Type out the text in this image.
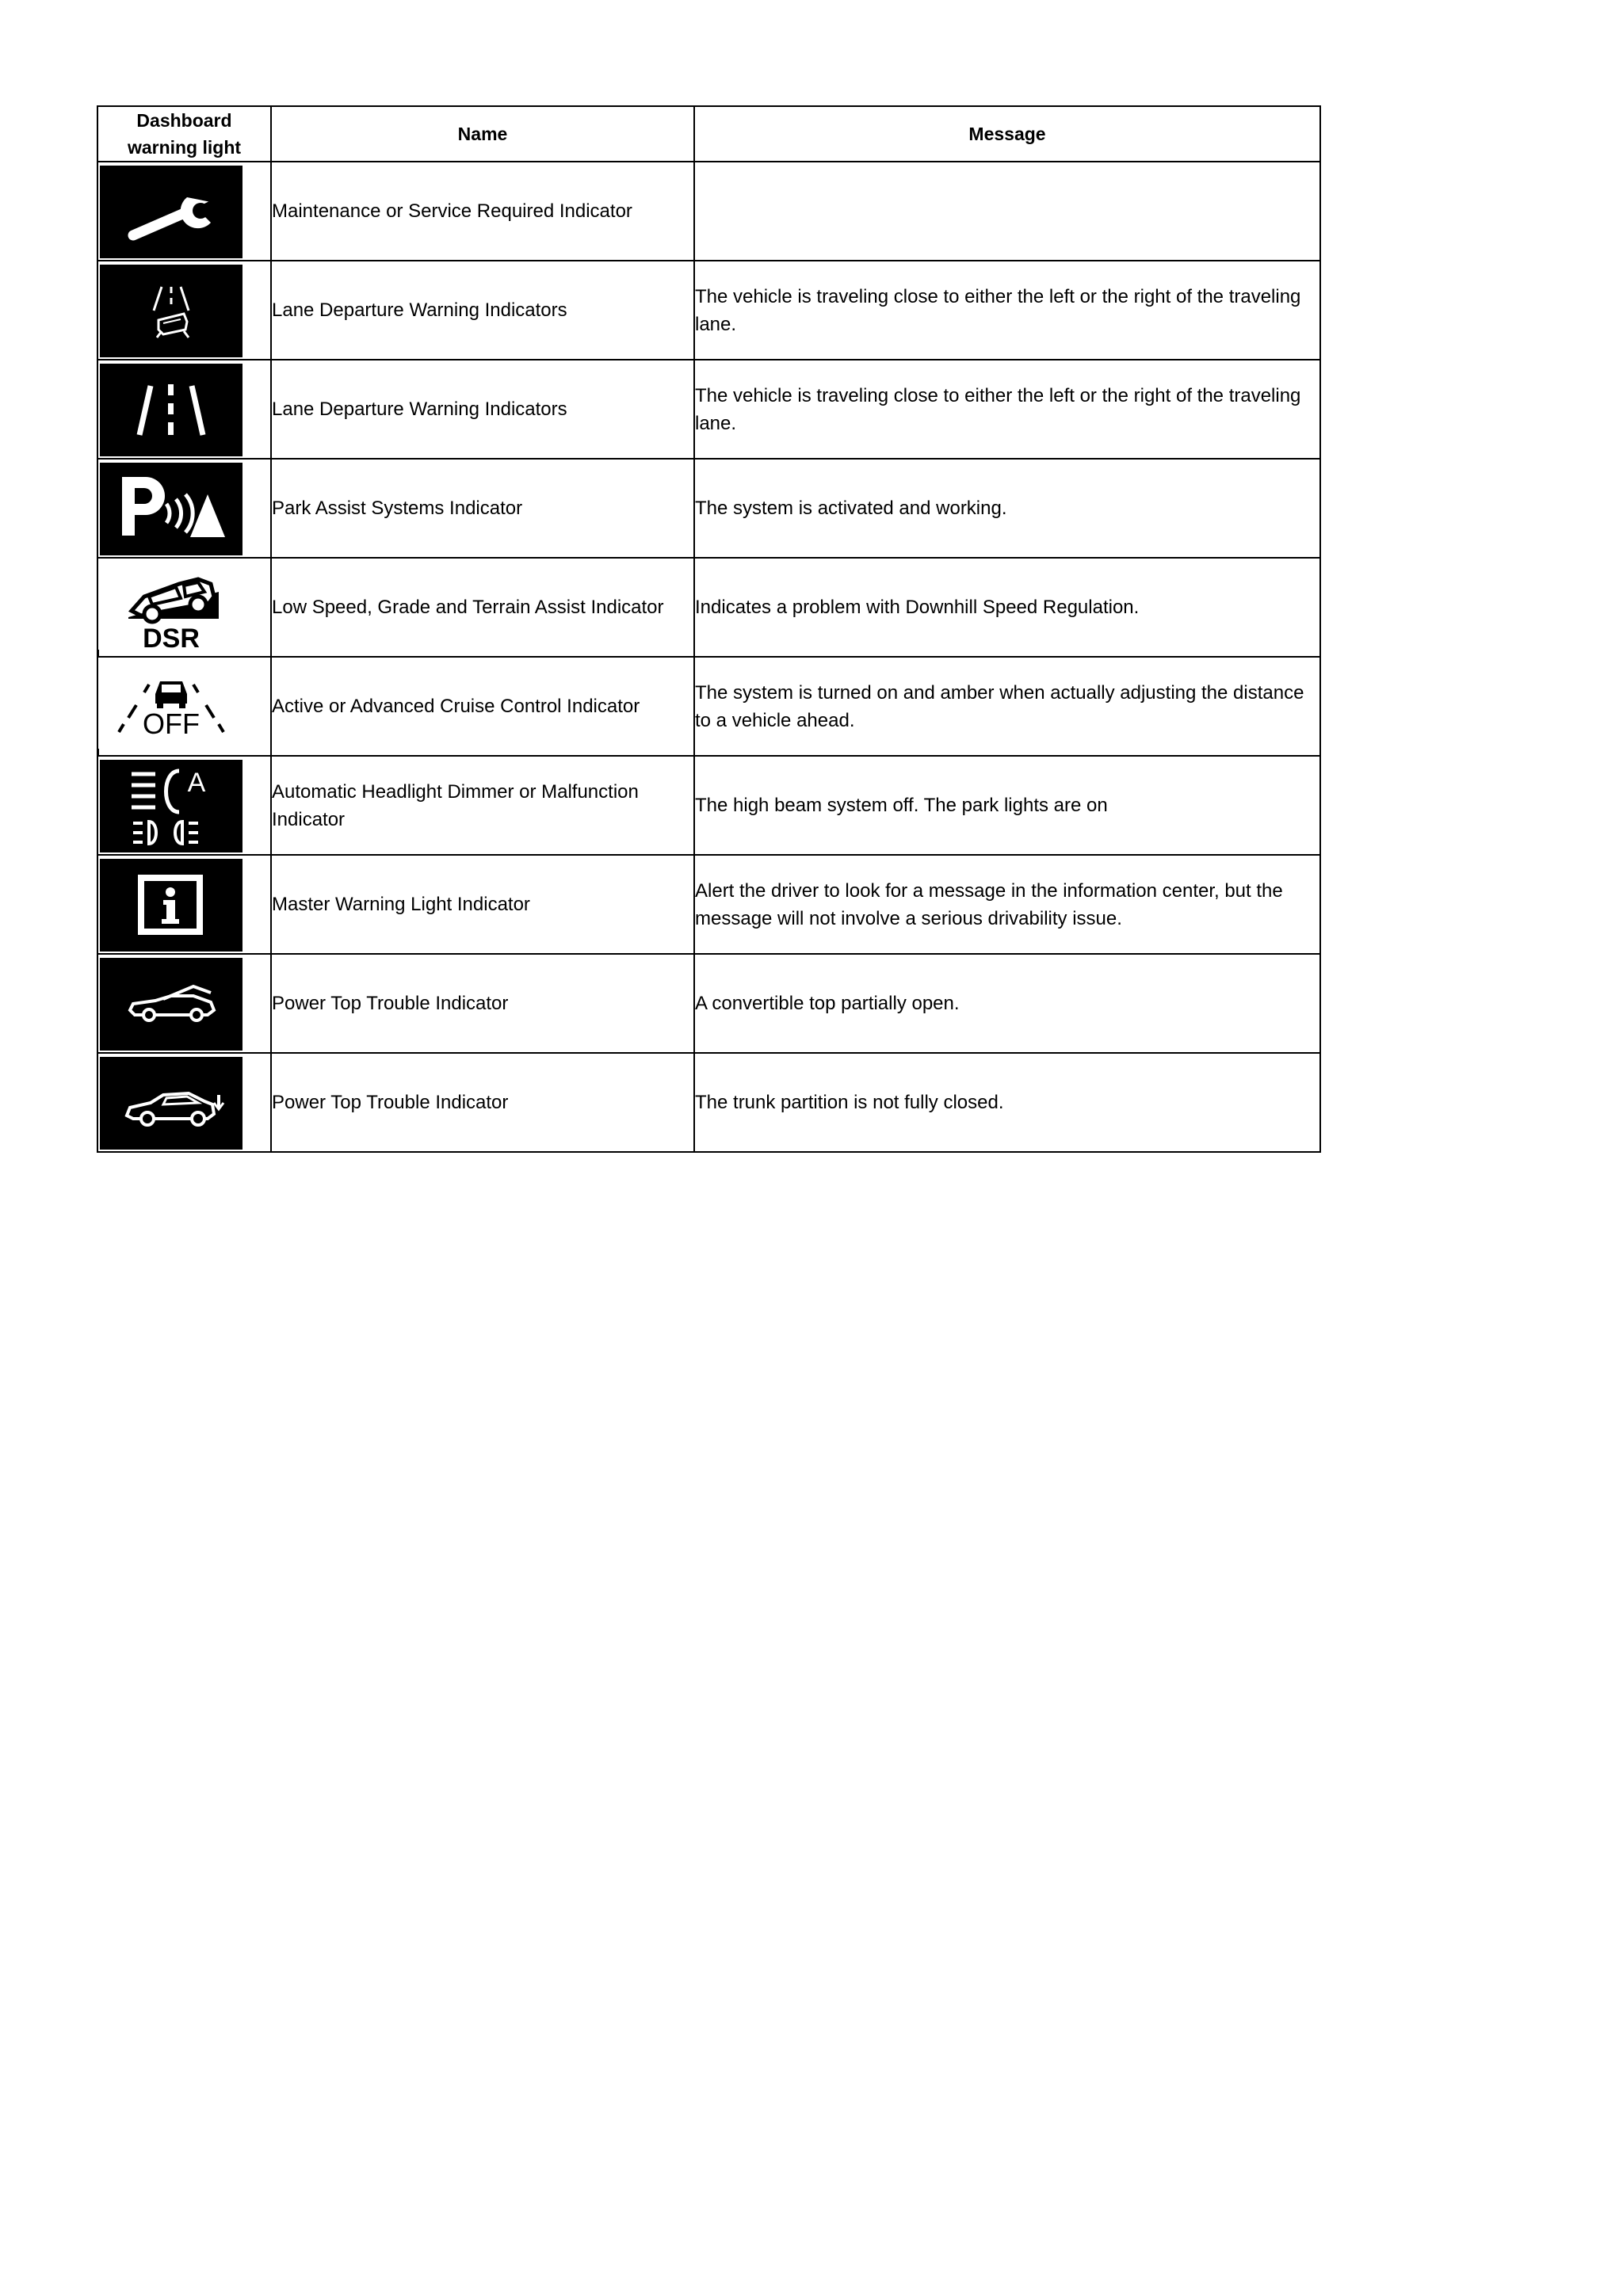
Dashboard warning light	Name	Message

	Maintenance or Service Required Indicator	

	Lane Departure Warning Indicators	The vehicle is traveling close to either the left or the right of the traveling lane.

	Lane Departure Warning Indicators	The vehicle is traveling close to either the left or the right of the traveling lane.

	Park Assist Systems Indicator	The system is activated and working.

DSR	Low Speed, Grade and Terrain Assist Indicator	Indicates a problem with Downhill Speed Regulation.

OFF	Active or Advanced Cruise Control Indicator	The system is turned on and amber when actually adjusting the distance to a vehicle ahead.

A	Automatic Headlight Dimmer or Malfunction Indicator	The high beam system off. The park lights are on

	Master Warning Light Indicator	Alert the driver to look for a message in the information center, but the message will not involve a serious drivability issue.

	Power Top Trouble Indicator	A convertible top partially open.

	Power Top Trouble Indicator	The trunk partition is not fully closed.
